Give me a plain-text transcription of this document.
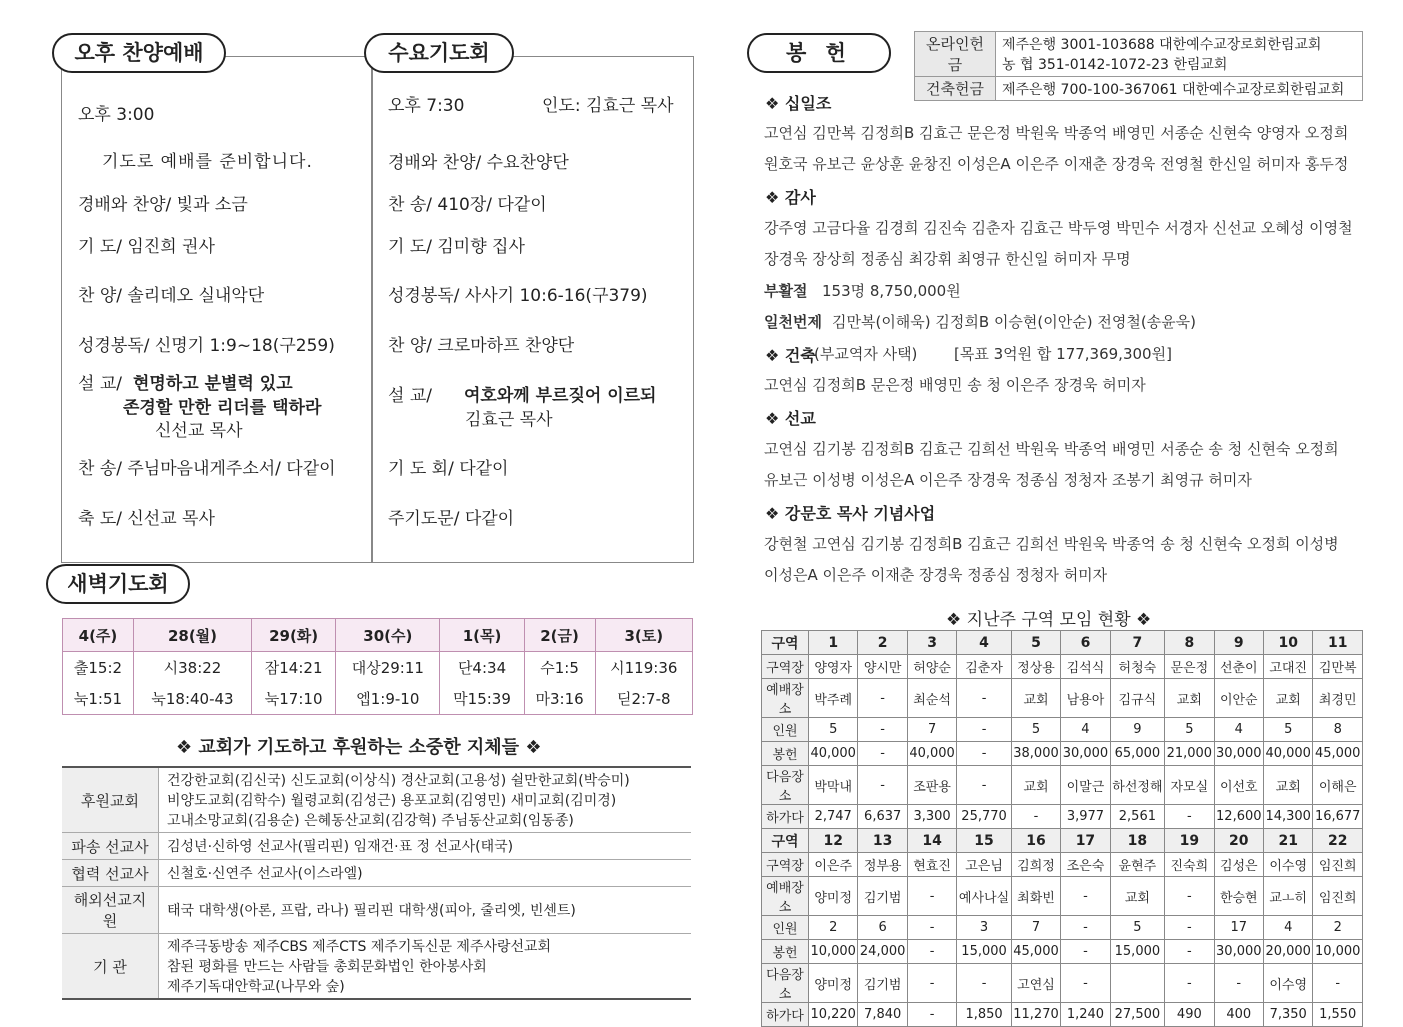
오후 찬양예배
오후 3:00
기도로 예배를 준비합니다.
경배와 찬양/ 빛과 소금
기 도/ 임진희 권사
찬 양/ 솔리데오 실내악단
성경봉독/ 신명기 1:9~18(구259)
설 교/ 현명하고 분별력 있고
존경할 만한 리더를 택하라
신선교 목사
찬 송/ 주님마음내게주소서/ 다같이
축 도/ 신선교 목사
수요기도회
오후 7:30	인도: 김효근 목사
경배와 찬양/ 수요찬양단
찬 송/ 410장/ 다같이
기 도/ 김미향 집사
성경봉독/ 사사기 10:6-16(구379)
찬 양/ 크로마하프 찬양단
설 교/ 여호와께 부르짖어 이르되
김효근 목사
기 도 회/ 다같이
주기도문/ 다같이
새벽기도회
4(주)	28(월)	29(화)	30(수)	1(목)	2(금)	3(토)
출15:2	시38:22	잠14:21	대상29:11	단4:34	수1:5	시119:36
눅1:51	눅18:40-43	눅17:10	엡1:9-10	막15:39	마3:16	딛2:7-8
❖ 교회가 기도하고 후원하는 소중한 지체들 ❖
후원교회	건강한교회(김신국) 신도교회(이상식) 경산교회(고용성) 쉴만한교회(박승미)
비양도교회(김학수) 월령교회(김성근) 용포교회(김영민) 새미교회(김미경)
고내소망교회(김용순) 은혜동산교회(김강혁) 주님동산교회(임동종)

파송 선교사	김성년·신하영 선교사(필리핀) 임재건·표 정 선교사(태국)

협력 선교사	신철호·신연주 선교사(이스라엘)

해외선교지원	태국 대학생(아론, 프랍, 라나) 필리핀 대학생(피아, 줄리엣, 빈센트)

기 관	제주극동방송 제주CBS 제주CTS 제주기독신문 제주사랑선교회
참된 평화를 만드는 사람들 총회문화법인 한아봉사회
제주기독대안학교(나무와 숲)
봉 헌	온라인헌금	제주은행 3001-103688 대한예수교장로회한림교회
농 협 351-0142-1072-23 한림교회

건축헌금	제주은행 700-100-367061 대한예수교장로회한림교회
❖ 십일조
고연심 김만복 김정희B 김효근 문은정 박원욱 박종억 배영민 서종순 신현숙 양영자 오정희
원호국 유보근 윤상훈 윤창진 이성은A 이은주 이재춘 장경욱 전영철 한신일 허미자 홍두정
❖ 감사
강주영 고금다율 김경희 김진숙 김춘자 김효근 박두영 박민수 서경자 신선교 오혜성 이영철
장경욱 장상희 정종심 최강휘 최영규 한신일 허미자 무명
부활절 153명 8,750,000원
일천번제 김만복(이해욱) 김정희B 이승현(이안순) 전영철(송윤욱)
❖ 건축
(부교역자 사택) [목표 3억원 합 177,369,300원]
고연심 김정희B 문은정 배영민 송 청 이은주 장경욱 허미자
❖ 선교
고연심 김기봉 김정희B 김효근 김희선 박원욱 박종억 배영민 서종순 송 청 신현숙 오정희
유보근 이성병 이성은A 이은주 장경욱 정종심 정청자 조봉기 최영규 허미자
❖ 강문호 목사 기념사업
강현철 고연심 김기봉 김정희B 김효근 김희선 박원욱 박종억 송 청 신현숙 오정희 이성병
이성은A 이은주 이재춘 장경욱 정종심 정청자 허미자
❖ 지난주 구역 모임 현황 ❖
구역	1	2	3	4	5	6	7	8	9	10	11
구역장	양영자	양시만	허양순	김춘자	정상용	김석식	허청숙	문은정	선춘이	고대진	김만복
예배장소	박주례	-	최순석	-	교회	남용아	김규식	교회	이안순	교회	최경민
인원	5	-	7	-	5	4	9	5	4	5	8
봉헌	40,000	-	40,000	-	38,000	30,000	65,000	21,000	30,000	40,000	45,000
다음장소	박막내	-	조판용	-	교회	이말근	하선정해	자모실	이선호	교회	이해은
하가다	2,747	6,637	3,300	25,770	-	3,977	2,561	-	12,600	14,300	16,677
구역	12	13	14	15	16	17	18	19	20	21	22
구역장	이은주	정부용	현효진	고은님	김희정	조은숙	윤현주	진숙희	김성은	이수영	임진희
예배장소	양미정	김기범	-	예사나실	최화빈	-	교회	-	한승현	교ㅗ히	임진희
인원	2	6	-	3	7	-	5	-	17	4	2
봉헌	10,000	24,000	-	15,000	45,000	-	15,000	-	30,000	20,000	10,000
다음장소	양미정	김기범	-	-	고연심	-		-	-	이수영	-
하가다	10,220	7,840	-	1,850	11,270	1,240	27,500	490	400	7,350	1,550
